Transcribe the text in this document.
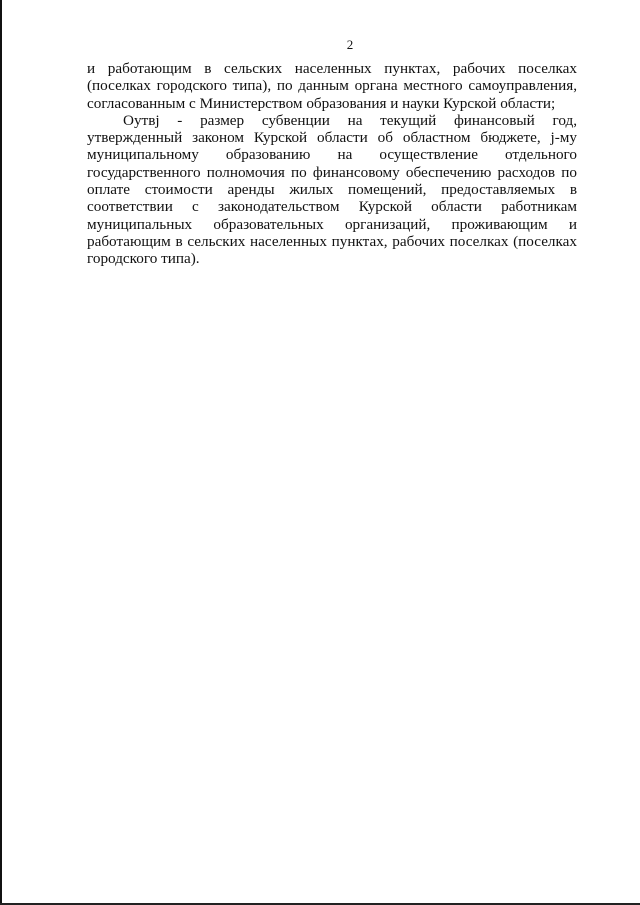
2
и работающим в сельских населенных пунктах, рабочих поселках
(поселках городского типа), по данным органа местного самоуправления,
согласованным с Министерством образования и науки Курской области;
Оутвj - размер субвенции на текущий финансовый год,
утвержденный законом Курской области об областном бюджете, j-му
муниципальному образованию на осуществление отдельного
государственного полномочия по финансовому обеспечению расходов по
оплате стоимости аренды жилых помещений, предоставляемых в
соответствии с законодательством Курской области работникам
муниципальных образовательных организаций, проживающим и
работающим в сельских населенных пунктах, рабочих поселках (поселках
городского типа).
